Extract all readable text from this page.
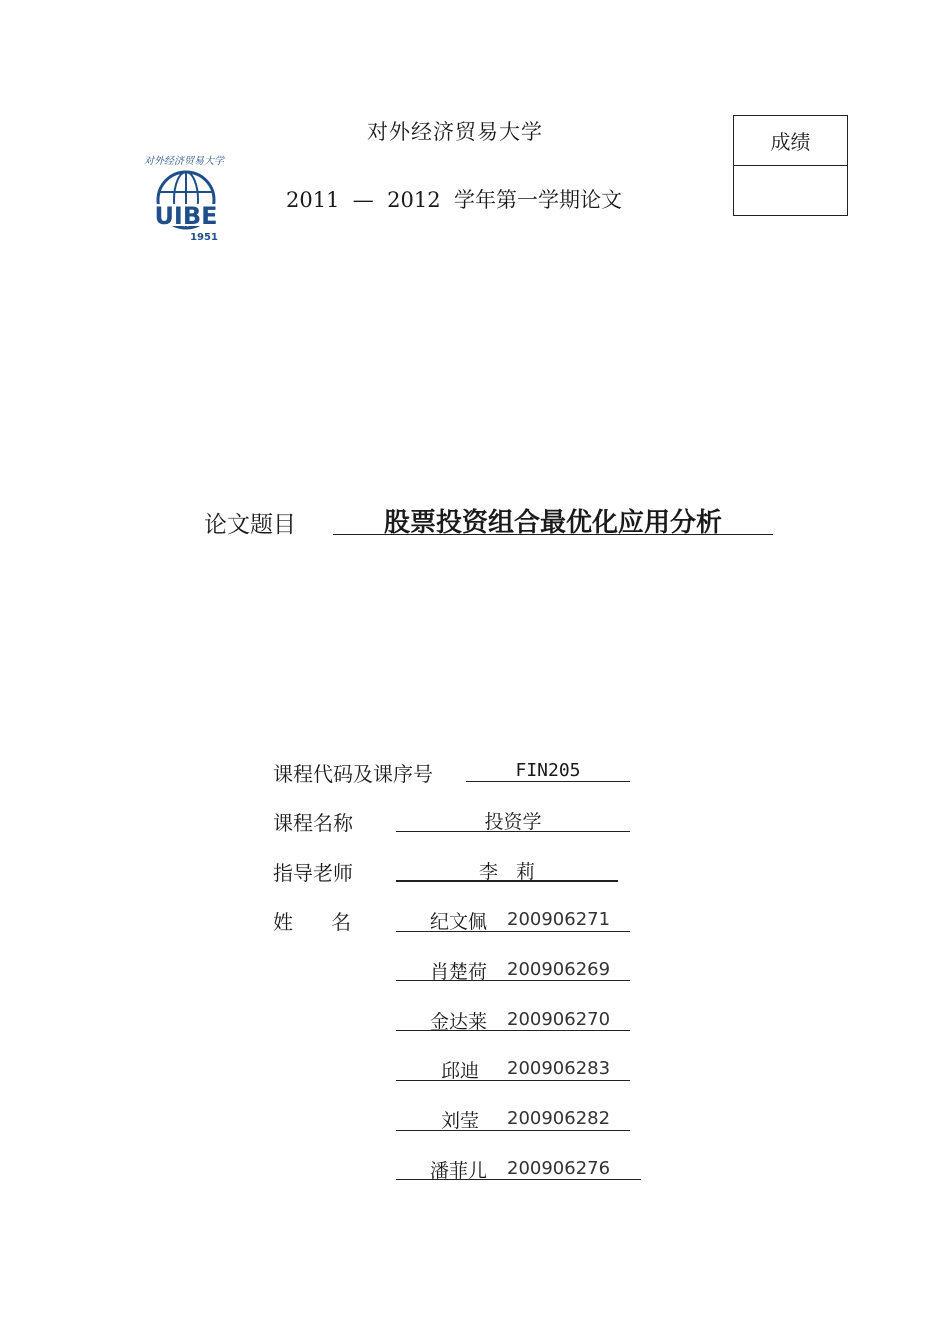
对外经济贸易大学
UIBE
1951
对外经济贸易大学
2011  —  2012  学年第一学期论文
成绩
论文题目	股票投资组合最优化应用分析
课程代码及课序号	FIN205
课程名称	投资学
指导老师	李   莉
姓      名	纪文佩 200906271
肖楚荷 200906269
金达莱 200906270
邱迪 200906283
刘莹 200906282
潘菲儿 200906276
